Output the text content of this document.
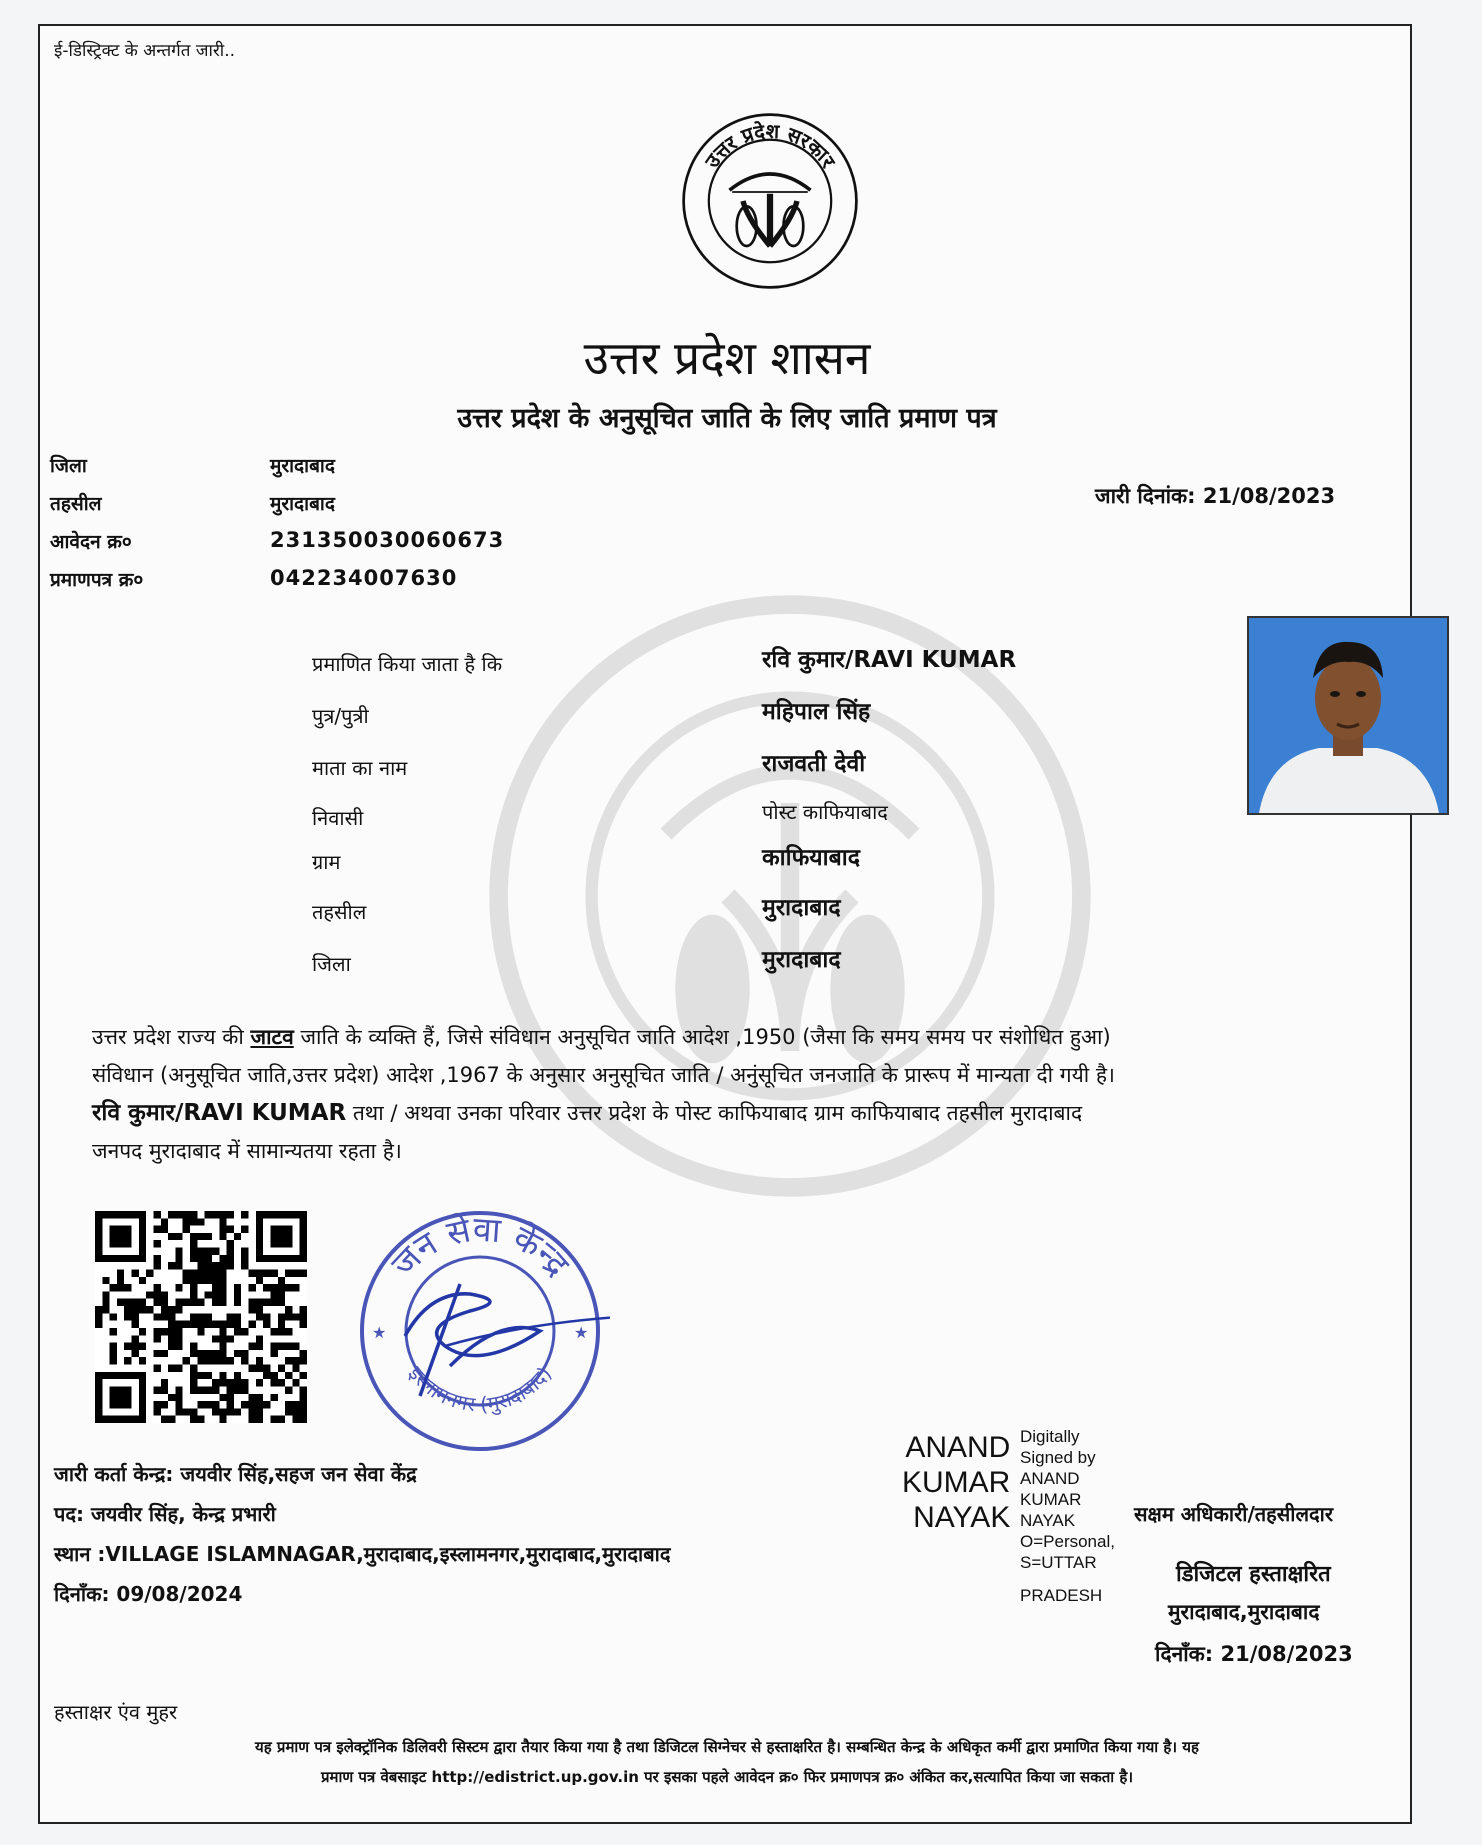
ई-डिस्ट्रिक्ट के अन्तर्गत जारी..
उत्तर प्रदेश सरकार
उत्तर प्रदेश शासन
उत्तर प्रदेश के अनुसूचित जाति के लिए जाति प्रमाण पत्र
जिला	मुरादाबाद
तहसील	मुरादाबाद
आवेदन क्र०	231350030060673
प्रमाणपत्र क्र०	042234007630
जारी दिनांक: 21/08/2023
प्रमाणित किया जाता है कि	रवि कुमार/RAVI KUMAR
पुत्र/पुत्री	महिपाल सिंह
माता का नाम	राजवती देवी
निवासी	पोस्ट काफियाबाद
ग्राम	काफियाबाद
तहसील	मुरादाबाद
जिला	मुरादाबाद
उत्तर प्रदेश राज्य की जाटव जाति के व्यक्ति हैं, जिसे संविधान अनुसूचित जाति आदेश ,1950 (जैसा कि समय समय पर संशोधित हुआ)
संविधान (अनुसूचित जाति,उत्तर प्रदेश) आदेश ,1967 के अनुसार अनुसूचित जाति / अनुंसूचित जनजाति के प्रारूप में मान्यता दी गयी है।
रवि कुमार/RAVI KUMAR तथा / अथवा उनका परिवार उत्तर प्रदेश के पोस्ट काफियाबाद ग्राम काफियाबाद तहसील मुरादाबाद
जनपद मुरादाबाद में सामान्यतया रहता है।
जन सेवा केन्द्र
इस्लामनगर (मुरादाबाद)
★	★
जारी कर्ता केन्द्र: जयवीर सिंह,सहज जन सेवा केंद्र
पद: जयवीर सिंह, केन्द्र प्रभारी
स्थान :VILLAGE ISLAMNAGAR,मुरादाबाद,इस्लामनगर,मुरादाबाद,मुरादाबाद
दिनाँक: 09/08/2024
ANAND
KUMAR
NAYAK
Digitally
Signed by
ANAND
KUMAR
NAYAK
O=Personal,
S=UTTAR
PRADESH
सक्षम अधिकारी/तहसीलदार
डिजिटल हस्ताक्षरित
मुरादाबाद,मुरादाबाद
दिनाँक: 21/08/2023
हस्ताक्षर एंव मुहर
यह प्रमाण पत्र इलेक्ट्रॉनिक डिलिवरी सिस्टम द्वारा तैयार किया गया है तथा डिजिटल सिग्नेचर से हस्ताक्षरित है। सम्बन्धित केन्द्र के अधिकृत कर्मी द्वारा प्रमाणित किया गया है। यह
प्रमाण पत्र वेबसाइट http://edistrict.up.gov.in पर इसका पहले आवेदन क्र० फिर प्रमाणपत्र क्र० अंकित कर,सत्यापित किया जा सकता है।
